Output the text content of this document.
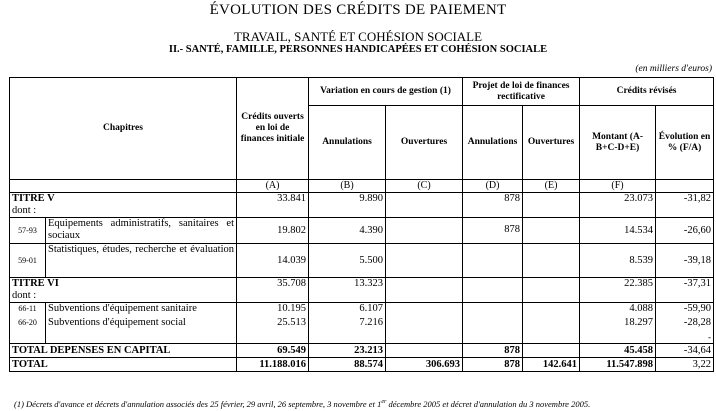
ÉVOLUTION DES CRÉDITS DE PAIEMENT
TRAVAIL, SANTÉ ET COHÉSION SOCIALE
II.- SANTÉ, FAMILLE, PERSONNES HANDICAPÉES ET COHÉSION SOCIALE
(en milliers d'euros)
Chapitres		Crédits ouverts en loi de finances initiale	Variation en cours de gestion (1)		Projet de loi de finances rectificative		Crédits révisés	
			Annulations	Ouvertures	Annulations	Ouvertures	Montant (A-B+C-D+E)	Évolution en % (F/A)
		(A)	(B)	(C)	(D)	(E)	(F)	
TITRE V		33.841	9.890		878		23.073	-31,82
dont :								
57-93	Equipements administratifs, sanitaires et sociaux	19.802	4.390		878		14.534	-26,60
59-01	Statistiques, études, recherche et évaluation	14.039	5.500				8.539	-39,18
TITRE VI		35.708	13.323				22.385	-37,31
dont :								
66-11	Subventions d'équipement sanitaire	10.195	6.107				4.088	-59,90
66-20	Subventions d'équipement social	25.513	7.216				18.297	-28,28
								-
TOTAL DEPENSES EN CAPITAL		69.549	23.213		878		45.458	-34,64
TOTAL		11.188.016	88.574	306.693	878	142.641	11.547.898	3,22
(1) Décrets d'avance et décrets d'annulation associés des 25 février, 29 avril, 26 septembre, 3 novembre et 1er décembre 2005 et décret d'annulation du 3 novembre 2005.
